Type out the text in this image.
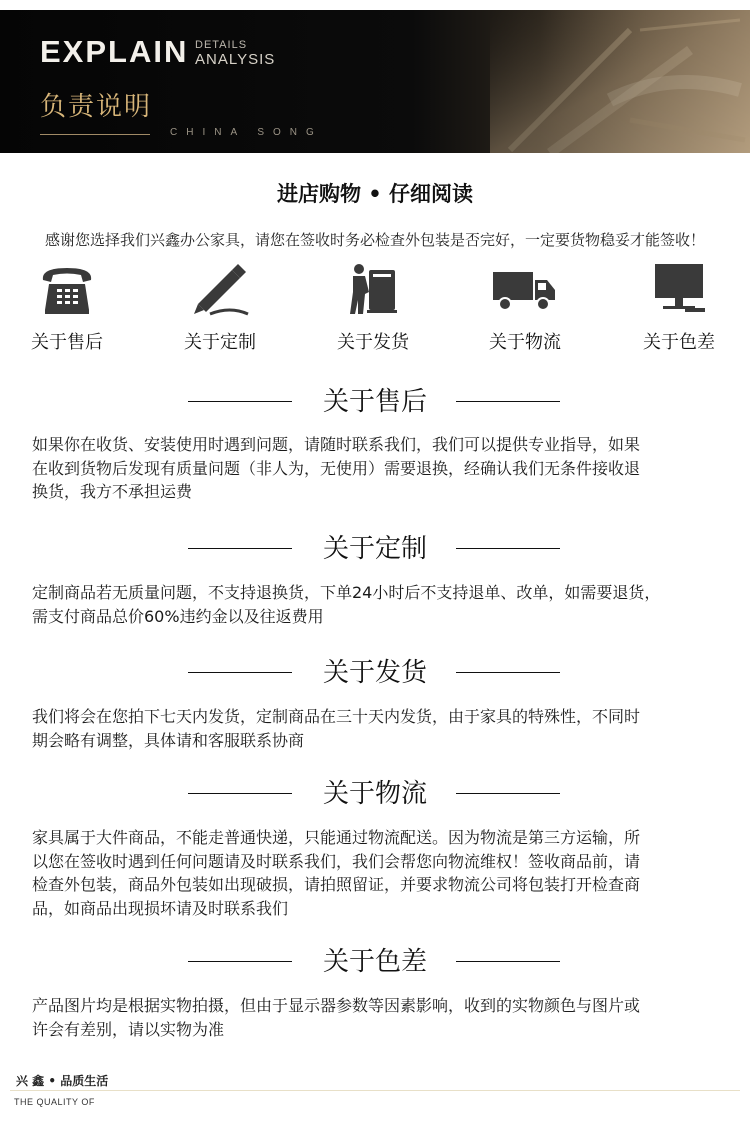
EXPLAIN DETAILS
ANALYSIS
负责说明
CHINA SONG
进店购物 • 仔细阅读
感谢您选择我们兴鑫办公家具，请您在签收时务必检查外包装是否完好，一定要货物稳妥才能签收！
关于售后	关于定制	关于发货	关于物流	关于色差
关于售后
如果你在收货、安装使用时遇到问题，请随时联系我们，我们可以提供专业指导，如果
在收到货物后发现有质量问题（非人为，无使用）需要退换，经确认我们无条件接收退
换货，我方不承担运费
关于定制
定制商品若无质量问题，不支持退换货，下单24小时后不支持退单、改单，如需要退货，
需支付商品总价60%违约金以及往返费用
关于发货
我们将会在您拍下七天内发货，定制商品在三十天内发货，由于家具的特殊性，不同时
期会略有调整，具体请和客服联系协商
关于物流
家具属于大件商品，不能走普通快递，只能通过物流配送。因为物流是第三方运输，所
以您在签收时遇到任何问题请及时联系我们，我们会帮您向物流维权！签收商品前，请
检查外包装，商品外包装如出现破损，请拍照留证，并要求物流公司将包装打开检查商
品，如商品出现损坏请及时联系我们
关于色差
产品图片均是根据实物拍摄，但由于显示器参数等因素影响，收到的实物颜色与图片或
许会有差别，请以实物为准
兴 鑫 • 品质生活
THE QUALITY OF
